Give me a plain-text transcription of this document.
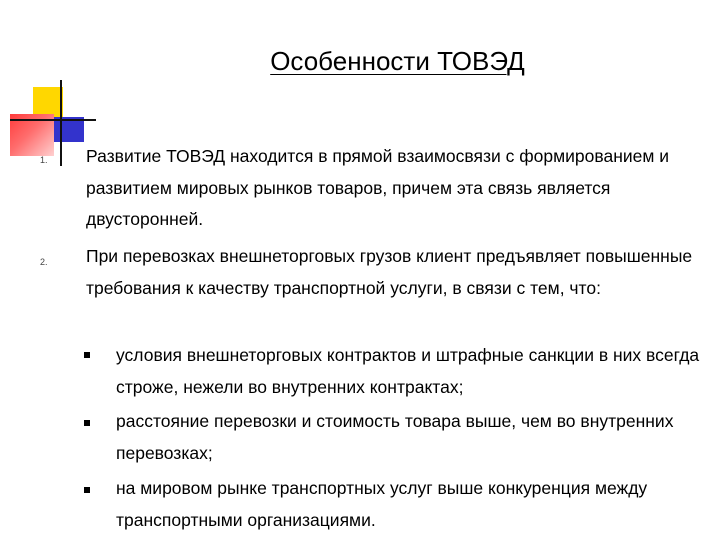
Особенности ТОВЭД
1. Развитие ТОВЭД находится в прямой взаимосвязи с формированием и развитием мировых рынков товаров, причем эта связь является двусторонней.

2. При перевозках внешнеторговых грузов клиент предъявляет повышенные требования к качеству транспортной услуги, в связи с тем, что:

условия внешнеторговых контрактов и штрафные санкции в них всегда строже, нежели во внутренних контрактах;

расстояние перевозки и стоимость товара выше, чем во внутренних перевозках;

на мировом рынке транспортных услуг выше конкуренция между транспортными организациями.
